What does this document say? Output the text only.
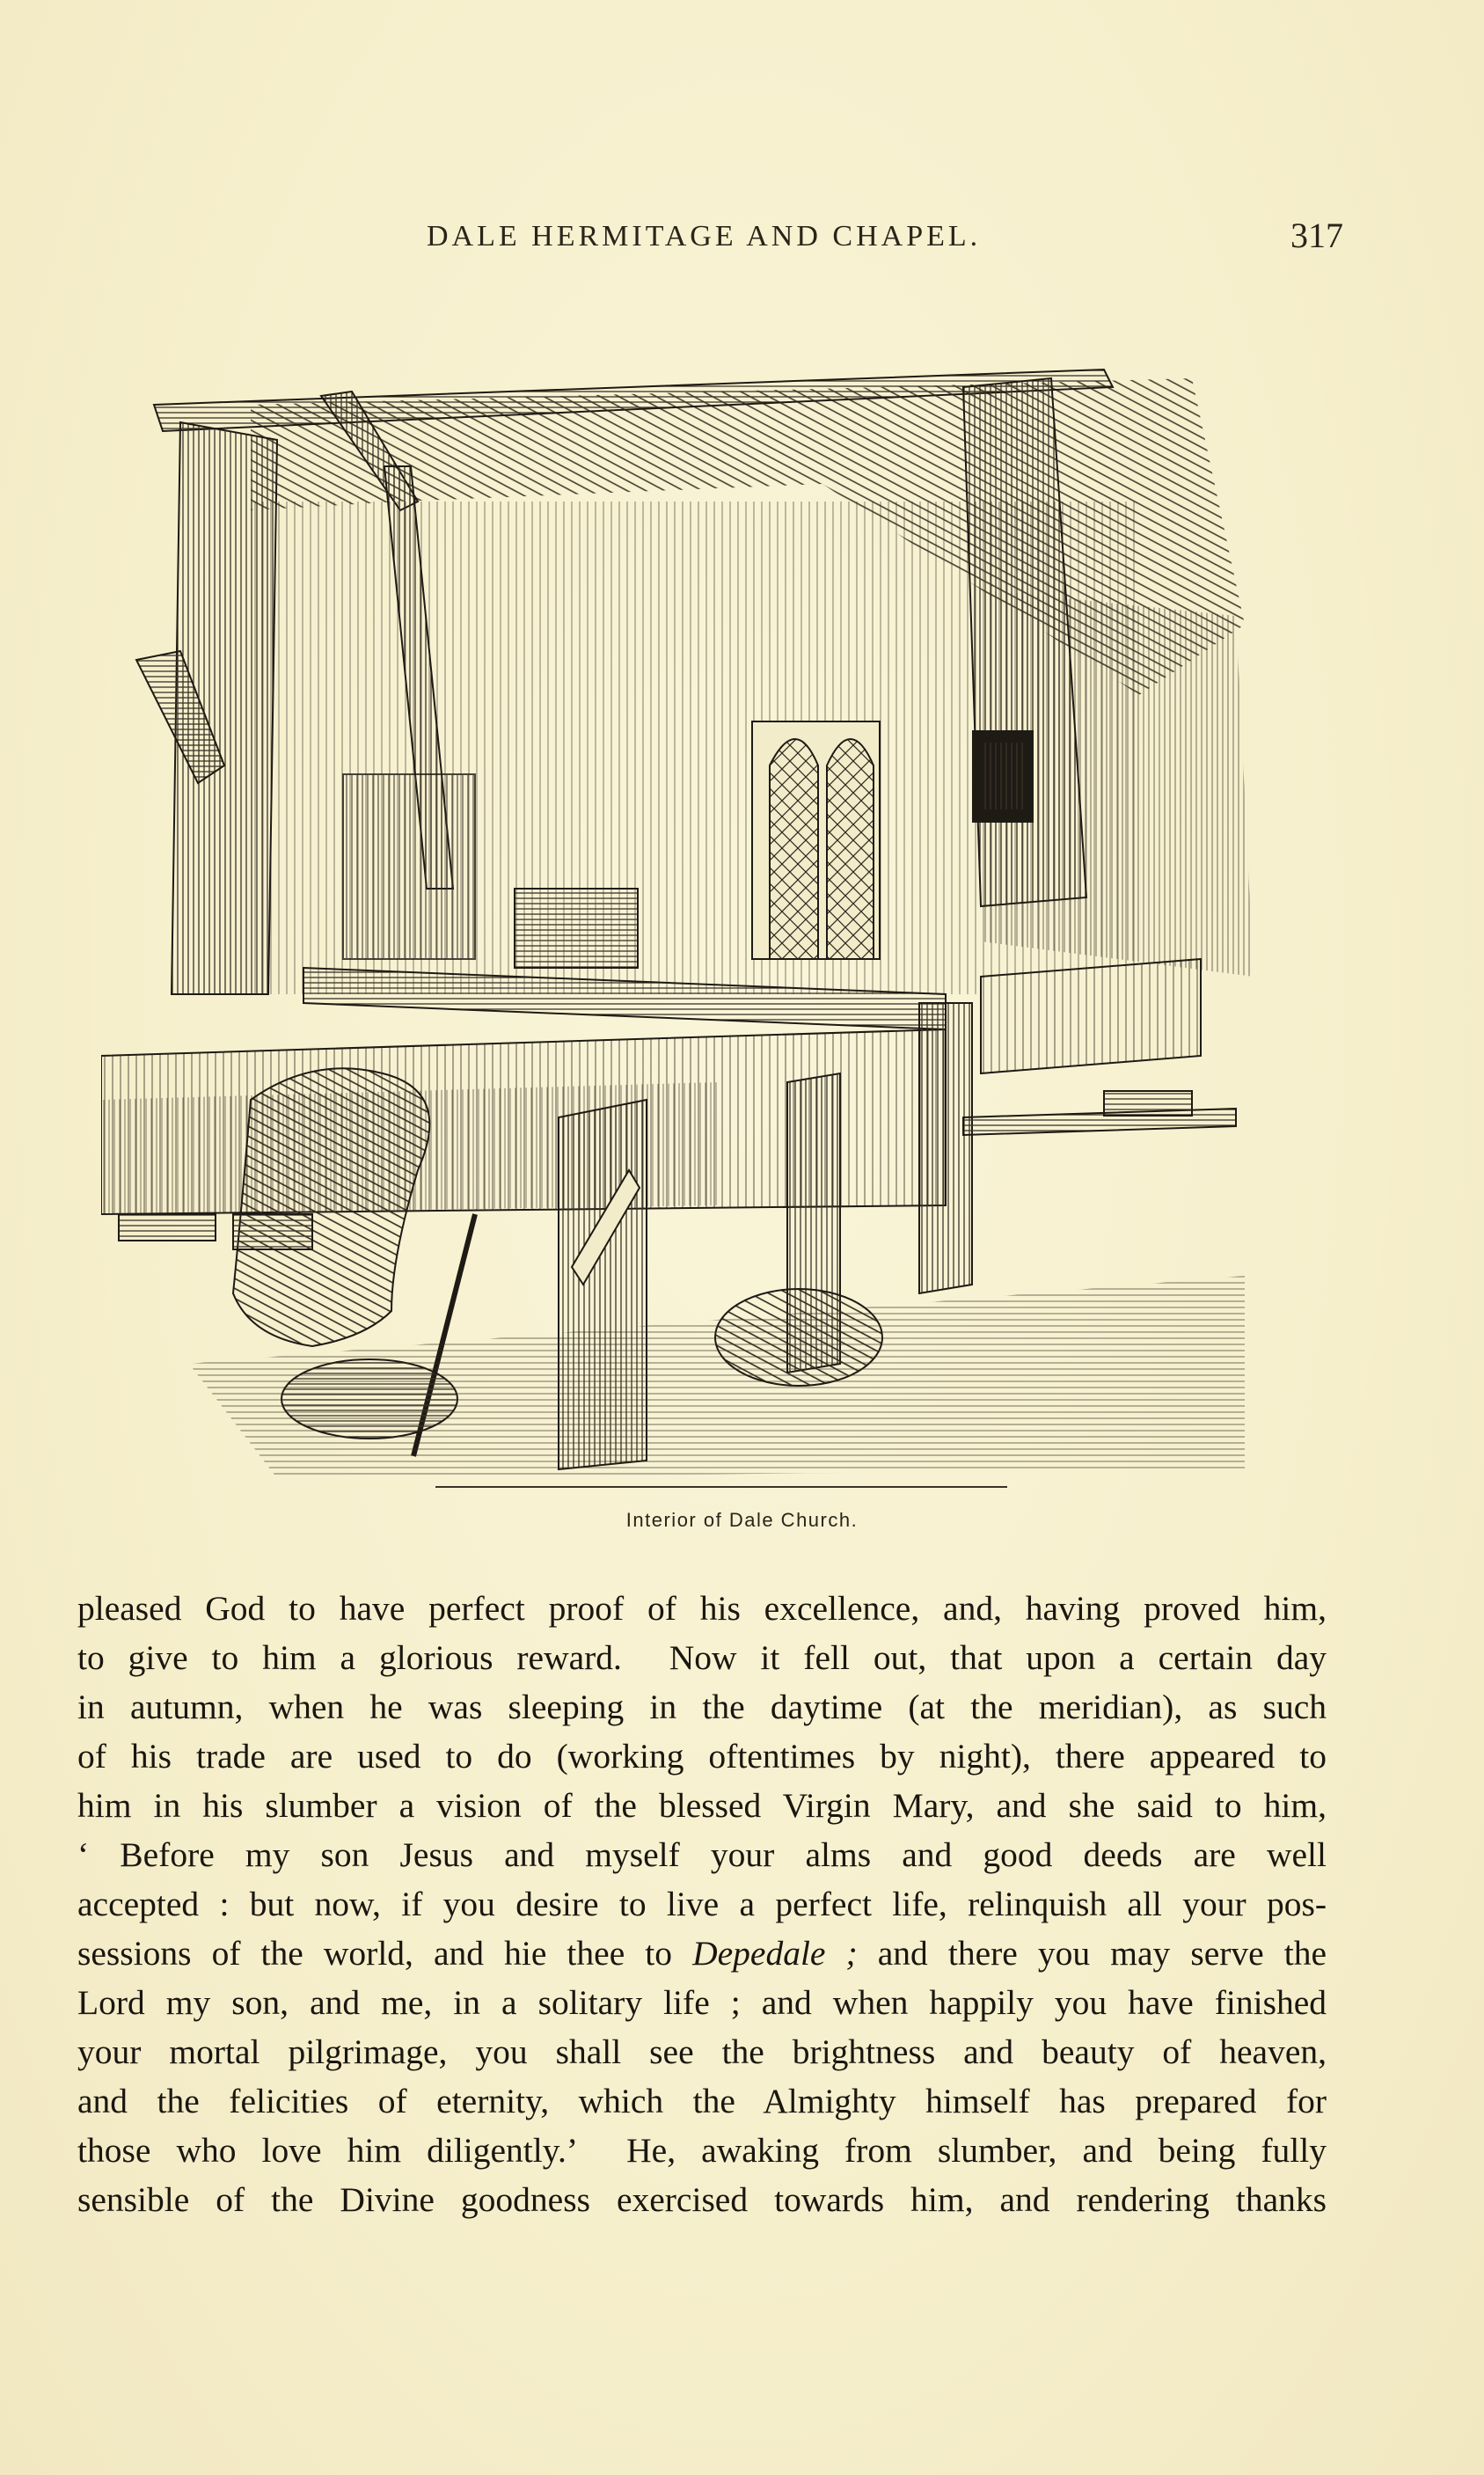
DALE HERMITAGE AND CHAPEL.	317
Interior of Dale Church.
pleased God to have perfect proof of his excellence, and, having proved him,
to give to him a glorious reward.  Now it fell out, that upon a certain day
in autumn, when he was sleeping in the daytime (at the meridian), as such
of his trade are used to do (working oftentimes by night), there appeared to
him in his slumber a vision of the blessed Virgin Mary, and she said to him,
‘ Before my son Jesus and myself your alms and good deeds are well
accepted : but now, if you desire to live a perfect life, relinquish all your pos-
sessions of the world, and hie thee to Depedale ; and there you may serve the
Lord my son, and me, in a solitary life ; and when happily you have finished
your mortal pilgrimage, you shall see the brightness and beauty of heaven,
and the felicities of eternity, which the Almighty himself has prepared for
those who love him diligently.’  He, awaking from slumber, and being fully
sensible of the Divine goodness exercised towards him, and rendering thanks
